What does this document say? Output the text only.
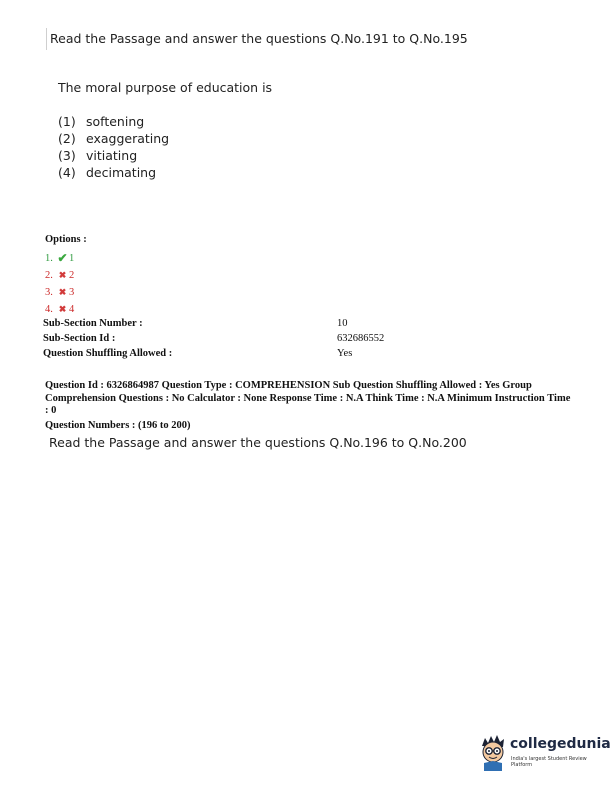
Read the Passage and answer the questions Q.No.191 to Q.No.195
The moral purpose of education is
(1) softening
(2) exaggerating
(3) vitiating
(4) decimating
Options :
1. ✔ 1
2. ✖ 2
3. ✖ 3
4. ✖ 4
Sub-Section Number :	10
Sub-Section Id :	632686552
Question Shuffling Allowed :	Yes
Question Id : 6326864987 Question Type : COMPREHENSION Sub Question Shuffling Allowed : Yes Group Comprehension Questions : No Calculator : None Response Time : N.A Think Time : N.A Minimum Instruction Time : 0
Question Numbers : (196 to 200)
Read the Passage and answer the questions Q.No.196 to Q.No.200
collegedunia
India's largest Student Review Platform
